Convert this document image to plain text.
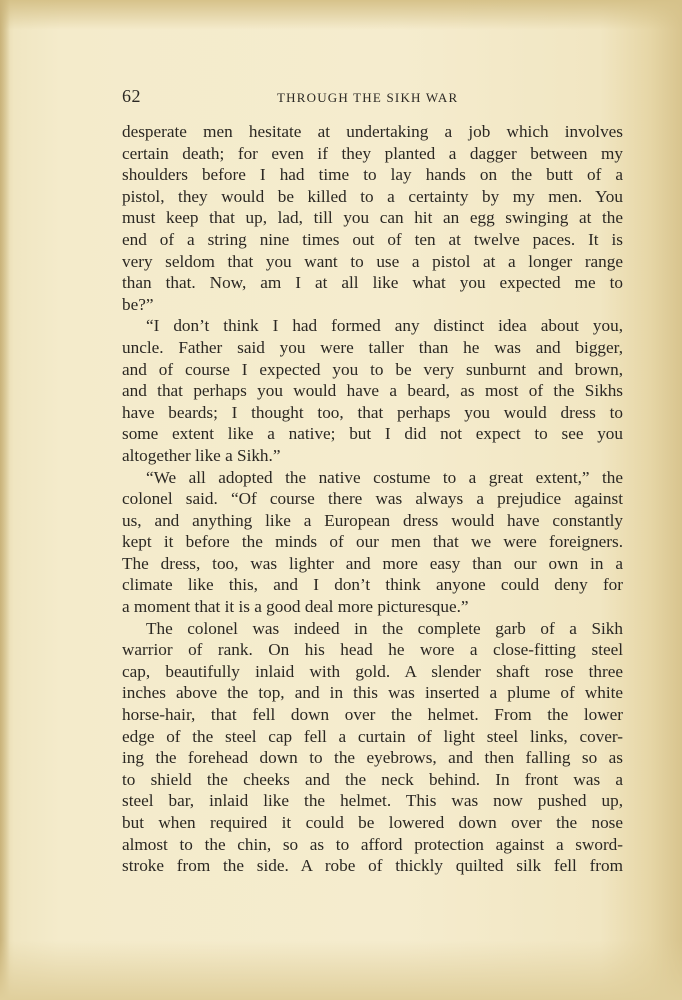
62	THROUGH THE SIKH WAR
desperate men hesitate at undertaking a job which involves
certain death; for even if they planted a dagger between my
shoulders before I had time to lay hands on the butt of a
pistol, they would be killed to a certainty by my men. You
must keep that up, lad, till you can hit an egg swinging at the
end of a string nine times out of ten at twelve paces. It is
very seldom that you want to use a pistol at a longer range
than that. Now, am I at all like what you expected me to
be?”
“I don’t think I had formed any distinct idea about you,
uncle. Father said you were taller than he was and bigger,
and of course I expected you to be very sunburnt and brown,
and that perhaps you would have a beard, as most of the Sikhs
have beards; I thought too, that perhaps you would dress to
some extent like a native; but I did not expect to see you
altogether like a Sikh.”
“We all adopted the native costume to a great extent,” the
colonel said. “Of course there was always a prejudice against
us, and anything like a European dress would have constantly
kept it before the minds of our men that we were foreigners.
The dress, too, was lighter and more easy than our own in a
climate like this, and I don’t think anyone could deny for
a moment that it is a good deal more picturesque.”
The colonel was indeed in the complete garb of a Sikh
warrior of rank. On his head he wore a close-fitting steel
cap, beautifully inlaid with gold. A slender shaft rose three
inches above the top, and in this was inserted a plume of white
horse-hair, that fell down over the helmet. From the lower
edge of the steel cap fell a curtain of light steel links, cover-
ing the forehead down to the eyebrows, and then falling so as
to shield the cheeks and the neck behind. In front was a
steel bar, inlaid like the helmet. This was now pushed up,
but when required it could be lowered down over the nose
almost to the chin, so as to afford protection against a sword-
stroke from the side. A robe of thickly quilted silk fell from
